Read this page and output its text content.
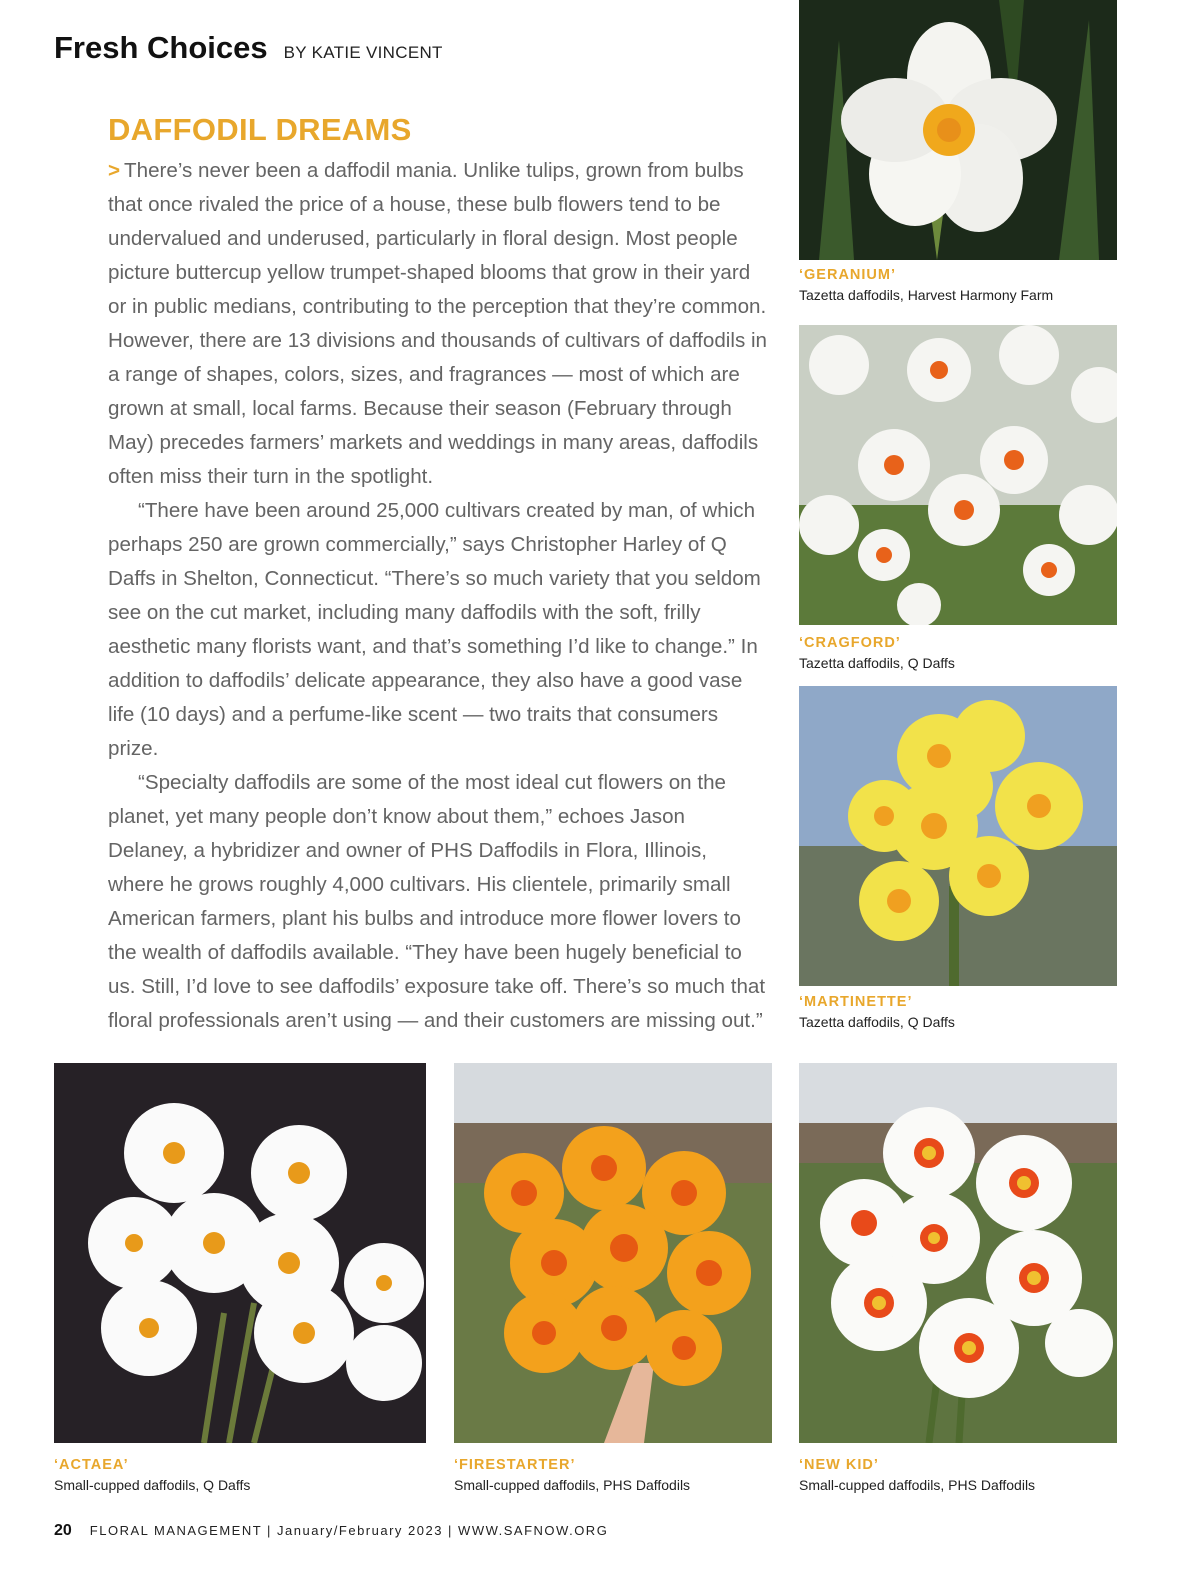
Fresh Choices BY KATIE VINCENT
DAFFODIL DREAMS

> There’s never been a daffodil mania. Unlike tulips, grown from bulbs that once rivaled the price of a house, these bulb flowers tend to be undervalued and underused, particularly in floral design. Most people picture buttercup yellow trumpet-shaped blooms that grow in their yard or in public medians, contributing to the perception that they’re common. However, there are 13 divisions and thousands of cultivars of daffodils in a range of shapes, colors, sizes, and fragrances — most of which are grown at small, local farms. Because their season (February through May) precedes farmers’ markets and weddings in many areas, daffodils often miss their turn in the spotlight.

“There have been around 25,000 cultivars created by man, of which perhaps 250 are grown commercially,” says Christopher Harley of Q Daffs in Shelton, Connecticut. “There’s so much variety that you seldom see on the cut market, including many daffodils with the soft, frilly aesthetic many florists want, and that’s something I’d like to change.” In addition to daffodils’ delicate appearance, they also have a good vase life (10 days) and a perfume-like scent — two traits that consumers prize.

“Specialty daffodils are some of the most ideal cut flowers on the planet, yet many people don’t know about them,” echoes Jason Delaney, a hybridizer and owner of PHS Daffodils in Flora, Illinois, where he grows roughly 4,000 cultivars. His clientele, primarily small American farmers, plant his bulbs and introduce more flower lovers to the wealth of daffodils available. “They have been hugely beneficial to us. Still, I’d love to see daffodils’ exposure take off. There’s so much that floral professionals aren’t using — and their customers are missing out.”

‘GERANIUM’
Tazetta daffodils, Harvest Harmony Farm
‘CRAGFORD’
Tazetta daffodils, Q Daffs
‘MARTINETTE’
Tazetta daffodils, Q Daffs
‘ACTAEA’
Small-cupped daffodils, Q Daffs
‘FIRESTARTER’
Small-cupped daffodils, PHS Daffodils
‘NEW KID’
Small-cupped daffodils, PHS Daffodils
20 FLORAL MANAGEMENT | January/February 2023 | WWW.SAFNOW.ORG
